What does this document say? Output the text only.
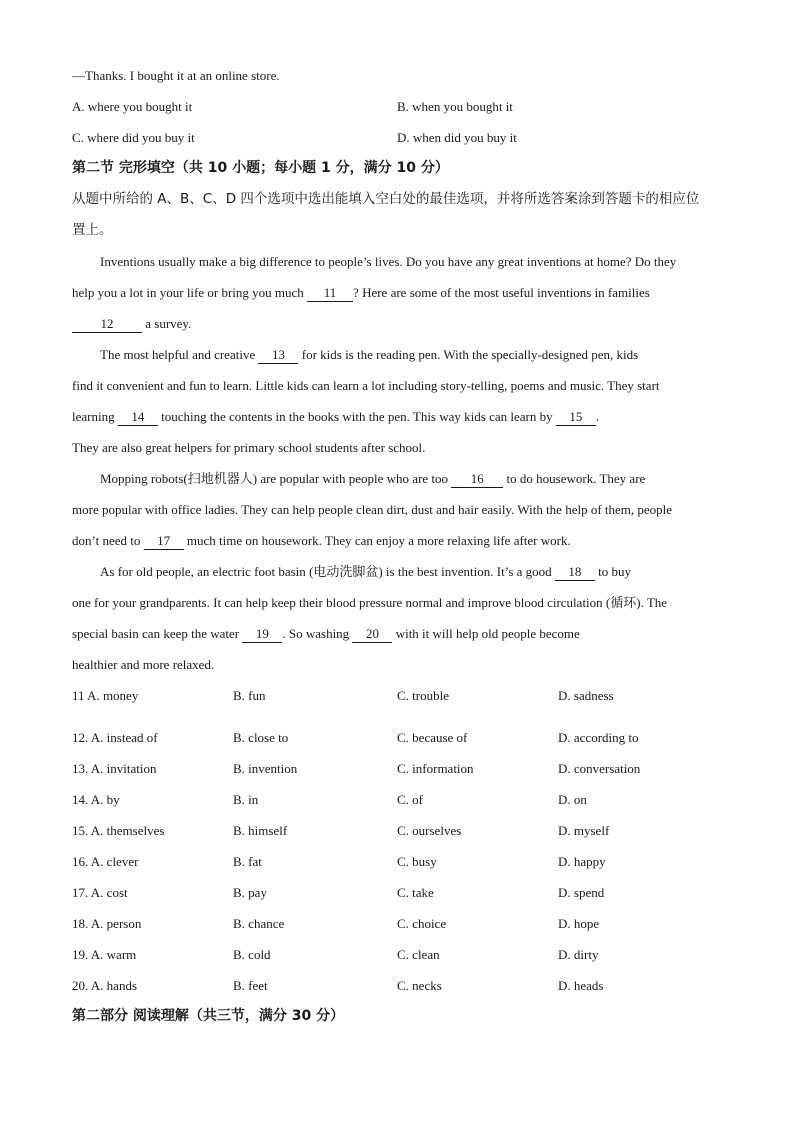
—Thanks. I bought it at an online store.
A. where you bought it	B. when you bought it
C. where did you buy it	D. when did you buy it
第二节 完形填空（共 10 小题；每小题 1 分，满分 10 分）
从题中所给的 A、B、C、D 四个选项中选出能填入空白处的最佳选项，并将所选答案涂到答题卡的相应位
置上。
Inventions usually make a big difference to people’s lives. Do you have any great inventions at home? Do they
help you a lot in your life or bring you much 11 ? Here are some of the most useful inventions in families
12 a survey.
The most helpful and creative 13 for kids is the reading pen. With the specially-designed pen, kids
find it convenient and fun to learn. Little kids can learn a lot including story-telling, poems and music. They start
learning 14 touching the contents in the books with the pen. This way kids can learn by 15 .
They are also great helpers for primary school students after school.
Mopping robots(扫地机器人) are popular with people who are too 16 to do housework. They are
more popular with office ladies. They can help people clean dirt, dust and hair easily. With the help of them, people
don’t need to 17 much time on housework. They can enjoy a more relaxing life after work.
As for old people, an electric foot basin (电动洗脚盆) is the best invention. It’s a good 18 to buy
one for your grandparents. It can help keep their blood pressure normal and improve blood circulation (循环). The
special basin can keep the water 19 . So washing 20 with it will help old people become
healthier and more relaxed.
11 A. money	B. fun	C. trouble	D. sadness
12. A. instead of	B. close to	C. because of	D. according to
13. A. invitation	B. invention	C. information	D. conversation
14. A. by	B. in	C. of	D. on
15. A. themselves	B. himself	C. ourselves	D. myself
16. A. clever	B. fat	C. busy	D. happy
17. A. cost	B. pay	C. take	D. spend
18. A. person	B. chance	C. choice	D. hope
19. A. warm	B. cold	C. clean	D. dirty
20. A. hands	B. feet	C. necks	D. heads
第二部分 阅读理解（共三节，满分 30 分）
